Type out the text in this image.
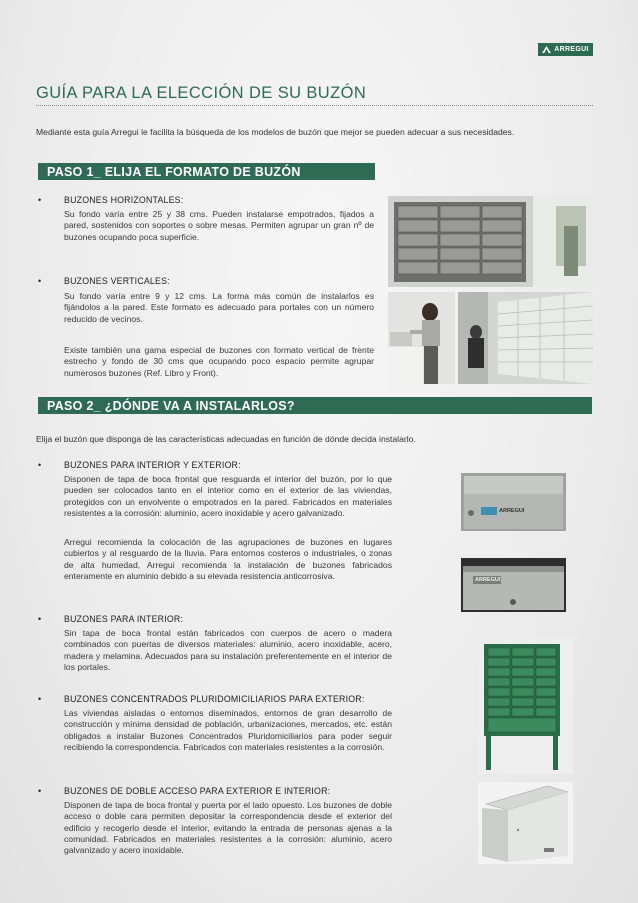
ARREGUI
GUÍA PARA LA ELECCIÓN DE SU BUZÓN
Mediante esta guía Arregui le facilita la búsqueda de los modelos de buzón que mejor se pueden adecuar a sus necesidades.
PASO 1_ ELIJA EL FORMATO DE BUZÓN
•	BUZONES HORIZONTALES:
Su fondo varía entre 25 y 38 cms. Pueden instalarse empotrados, fijados a pared, sostenidos con soportes o sobre mesas. Permiten agrupar un gran nº de buzones ocupando poca superficie.
•	BUZONES VERTICALES:
Su fondo varía entre 9 y 12 cms. La forma más común de instalarlos es fijándolos a la pared. Este formato es adecuado para portales con un número reducido de vecinos.
Existe también una gama especial de buzones con formato vertical de frente estrecho y fondo de 30 cms que ocupando poco espacio permite agrupar numerosos buzones (Ref. Libro y Front).
PASO 2_ ¿DÓNDE VA A INSTALARLOS?
Elija el buzón que disponga de las características adecuadas en función de dónde decida instalarlo.
•	BUZONES PARA INTERIOR Y EXTERIOR:
Disponen de tapa de boca frontal que resguarda el interior del buzón, por lo que pueden ser colocados tanto en el interior como en el exterior de las viviendas, protegidos con un envolvente o empotrados en la pared. Fabricados en materiales resistentes a la corrosión: aluminio, acero inoxidable y acero galvanizado.
Arregui recomienda la colocación de las agrupaciones de buzones en lugares cubiertos y al resguardo de la lluvia. Para entornos costeros o industriales, o zonas de alta humedad, Arregui recomienda la instalación de buzones fabricados enteramente en aluminio debido a su elevada resistencia anticorrosiva.
•	BUZONES PARA INTERIOR:
Sin tapa de boca frontal están fabricados con cuerpos de acero o madera combinados con puertas de diversos materiales: aluminio, acero inoxidable, acero, madera y melamina. Adecuados para su instalación preferentemente en el interior de los portales.
•	BUZONES CONCENTRADOS PLURIDOMICILIARIOS PARA EXTERIOR:
Las viviendas aisladas o entornos diseminados, entornos de gran desarrollo de construcción y mínima densidad de población, urbanizaciones, mercados, etc. están obligados a instalar Buzones Concentrados Pluridomiciliarios para poder seguir recibiendo la correspondencia. Fabricados con materiales resistentes a la corrosión.
•	BUZONES DE DOBLE ACCESO PARA EXTERIOR E INTERIOR:
Disponen de tapa de boca frontal y puerta por el lado opuesto. Los buzones de doble acceso o doble cara permiten depositar la correspondencia desde el exterior del edificio y recogerlo desde el interior, evitando la entrada de personas ajenas a la comunidad. Fabricados en materiales resistentes a la corrosión: aluminio, acero galvanizado y acero inoxidable.
ARREGUI
ARREGUI
